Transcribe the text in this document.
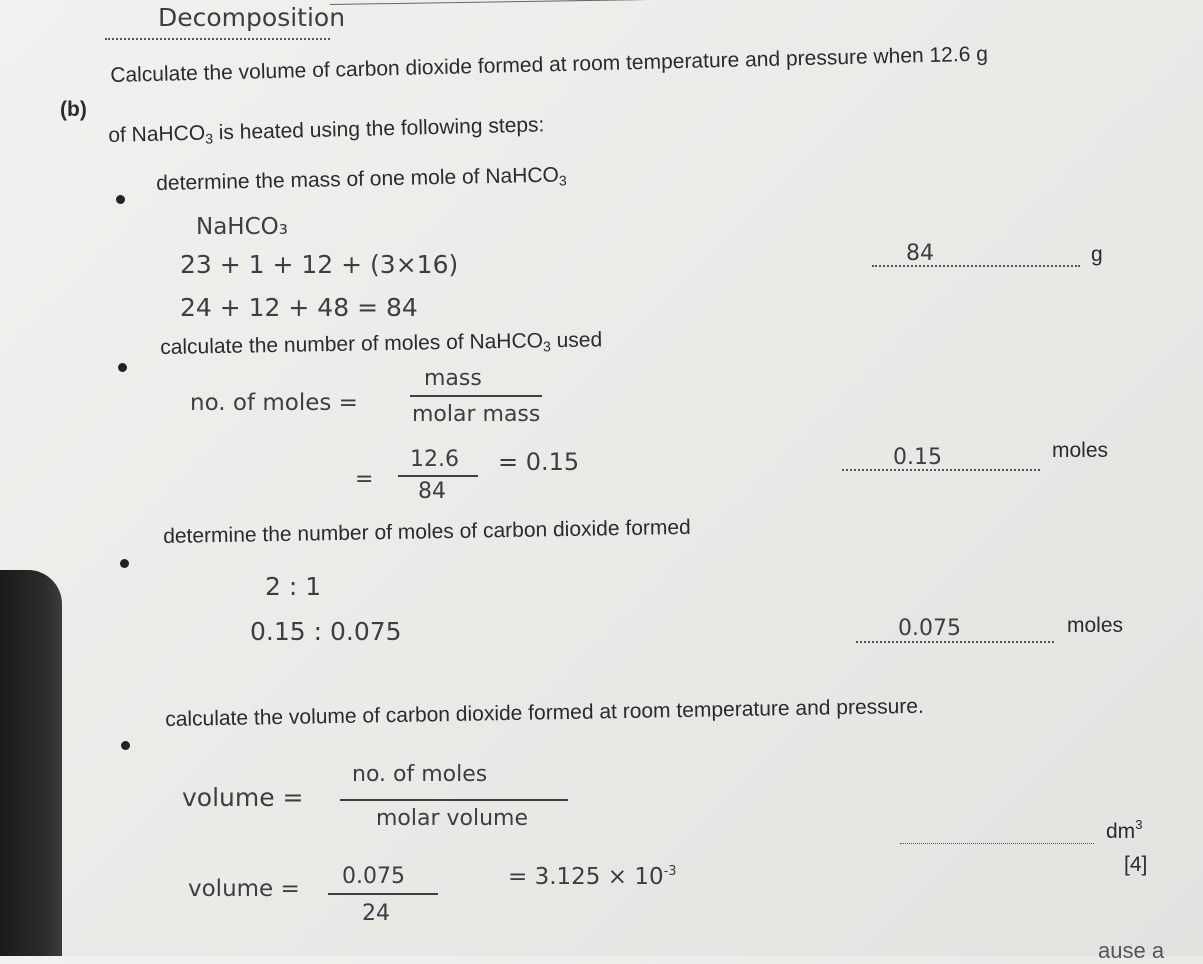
Decomposition
(b)
Calculate the volume of carbon dioxide formed at room temperature and pressure when 12.6 g
of NaHCO$_3$ is heated using the following steps:
determine the mass of one mole of NaHCO$_3$
NaHCO₃
23 + 1 + 12 + (3×16)
24 + 12 + 48 = 84
84	g
calculate the number of moles of NaHCO$_3$ used
no. of moles =
mass
molar mass
=
12.6
84
= 0.15	0.15	moles
determine the number of moles of carbon dioxide formed
2 : 1
0.15 : 0.075	0.075	moles
calculate the volume of carbon dioxide formed at room temperature and pressure.
volume =
no. of moles
molar volume
volume = 0.075
24
= $3.125 \times 10^{-3}$
$dm^3$
[4]
ause a
